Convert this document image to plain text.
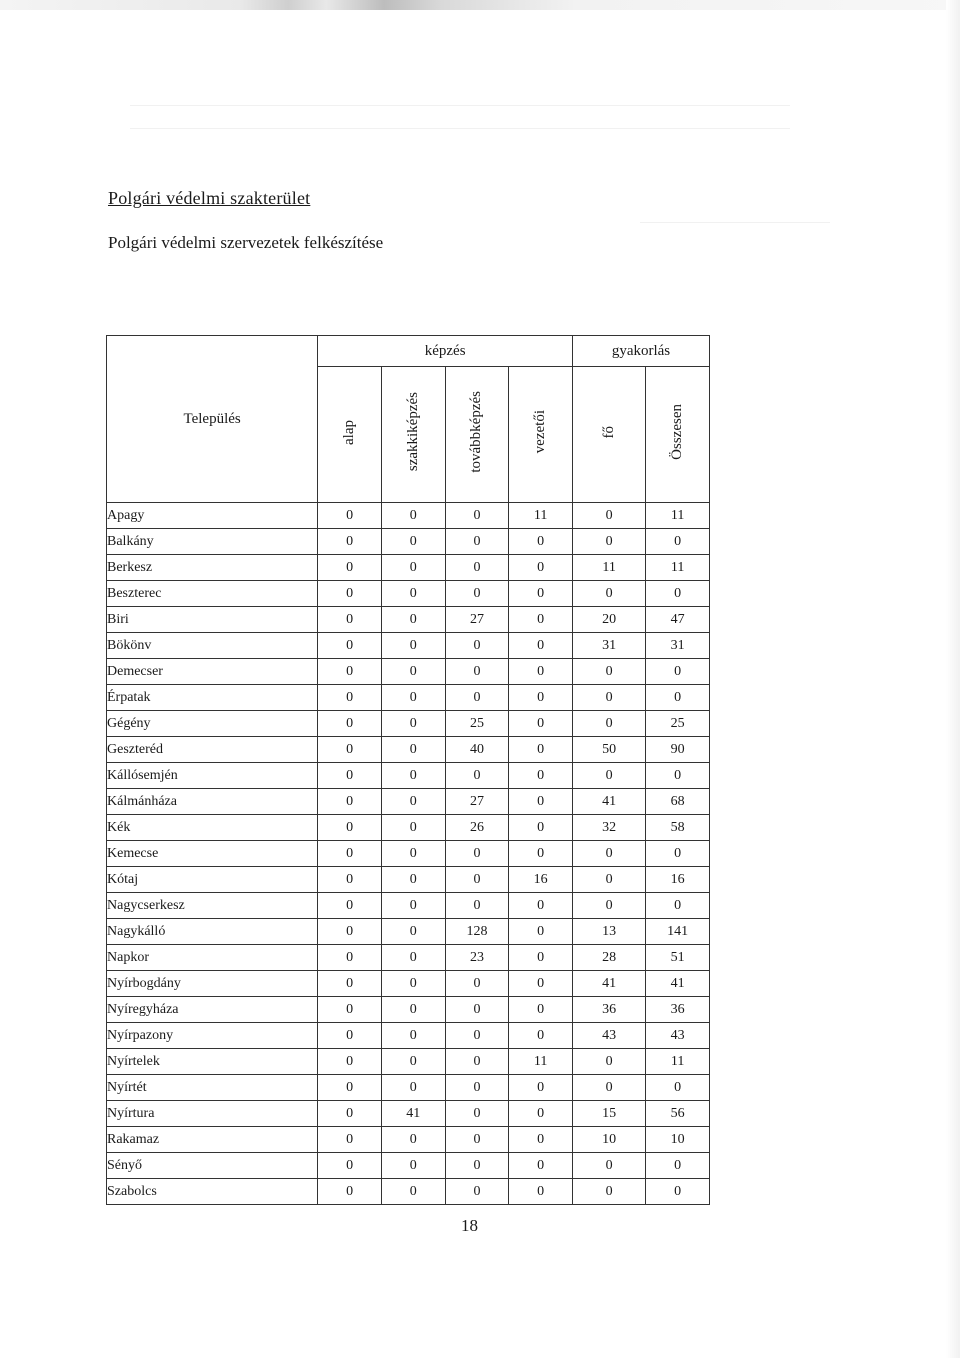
Polgári védelmi szakterület
Polgári védelmi szervezetek felkészítése
Település	képzés				gyakorlás	
	alap	szakkiképzés	továbbképzés	vezetői	fő	Összesen
Apagy	0	0	0	11	0	11
Balkány	0	0	0	0	0	0
Berkesz	0	0	0	0	11	11
Beszterec	0	0	0	0	0	0
Biri	0	0	27	0	20	47
Bökönv	0	0	0	0	31	31
Demecser	0	0	0	0	0	0
Érpatak	0	0	0	0	0	0
Gégény	0	0	25	0	0	25
Geszteréd	0	0	40	0	50	90
Kállósemjén	0	0	0	0	0	0
Kálmánháza	0	0	27	0	41	68
Kék	0	0	26	0	32	58
Kemecse	0	0	0	0	0	0
Kótaj	0	0	0	16	0	16
Nagycserkesz	0	0	0	0	0	0
Nagykálló	0	0	128	0	13	141
Napkor	0	0	23	0	28	51
Nyírbogdány	0	0	0	0	41	41
Nyíregyháza	0	0	0	0	36	36
Nyírpazony	0	0	0	0	43	43
Nyírtelek	0	0	0	11	0	11
Nyírtét	0	0	0	0	0	0
Nyírtura	0	41	0	0	15	56
Rakamaz	0	0	0	0	10	10
Sényő	0	0	0	0	0	0
Szabolcs	0	0	0	0	0	0
18
